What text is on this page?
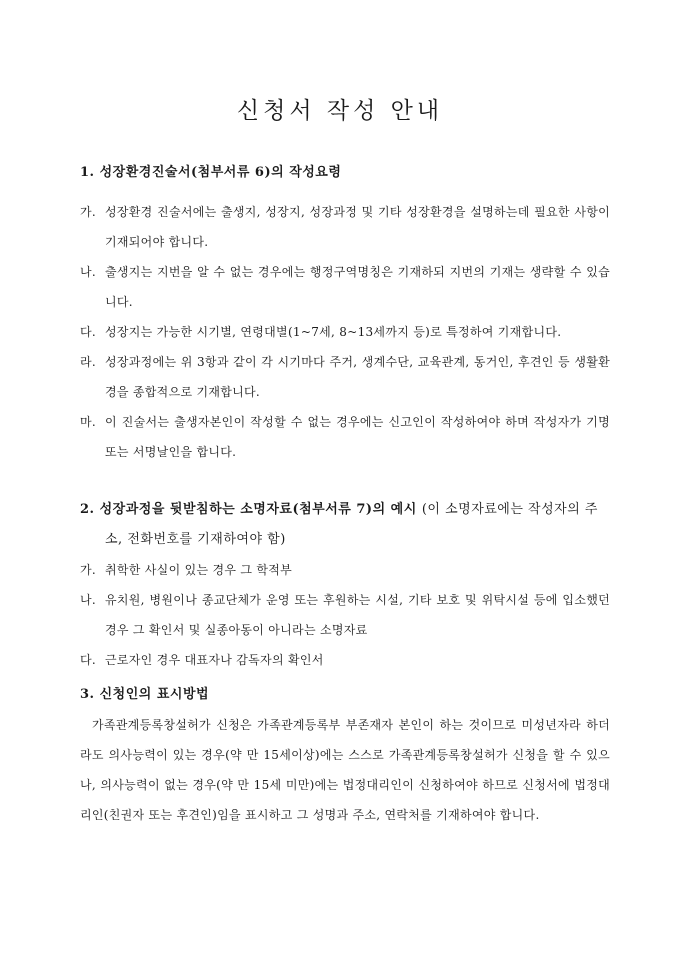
신청서 작성 안내

1. 성장환경진술서(첨부서류 6)의 작성요령

가. 성장환경 진술서에는 출생지, 성장지, 성장과정 및 기타 성장환경을 설명하는데 필요한 사항이 기재되어야 합니다.
나. 출생지는 지번을 알 수 없는 경우에는 행정구역명칭은 기재하되 지번의 기재는 생략할 수 있습니다.
다. 성장지는 가능한 시기별, 연령대별(1~7세, 8~13세까지 등)로 특정하여 기재합니다.
라. 성장과정에는 위 3항과 같이 각 시기마다 주거, 생계수단, 교육관계, 동거인, 후견인 등 생활환경을 종합적으로 기재합니다.
마. 이 진술서는 출생자본인이 작성할 수 없는 경우에는 신고인이 작성하여야 하며 작성자가 기명 또는 서명날인을 합니다.

2. 성장과정을 뒷받침하는 소명자료(첨부서류 7)의 예시 (이 소명자료에는 작성자의 주소, 전화번호를 기재하여야 함)

가. 취학한 사실이 있는 경우 그 학적부
나. 유치원, 병원이나 종교단체가 운영 또는 후원하는 시설, 기타 보호 및 위탁시설 등에 입소했던 경우 그 확인서 및 실종아동이 아니라는 소명자료
다. 근로자인 경우 대표자나 감독자의 확인서

3. 신청인의 표시방법

가족관계등록창설허가 신청은 가족관계등록부 부존재자 본인이 하는 것이므로 미성년자라 하더라도 의사능력이 있는 경우(약 만 15세이상)에는 스스로 가족관계등록창설허가 신청을 할 수 있으나, 의사능력이 없는 경우(약 만 15세 미만)에는 법정대리인이 신청하여야 하므로 신청서에 법정대리인(친권자 또는 후견인)임을 표시하고 그 성명과 주소, 연락처를 기재하여야 합니다.
